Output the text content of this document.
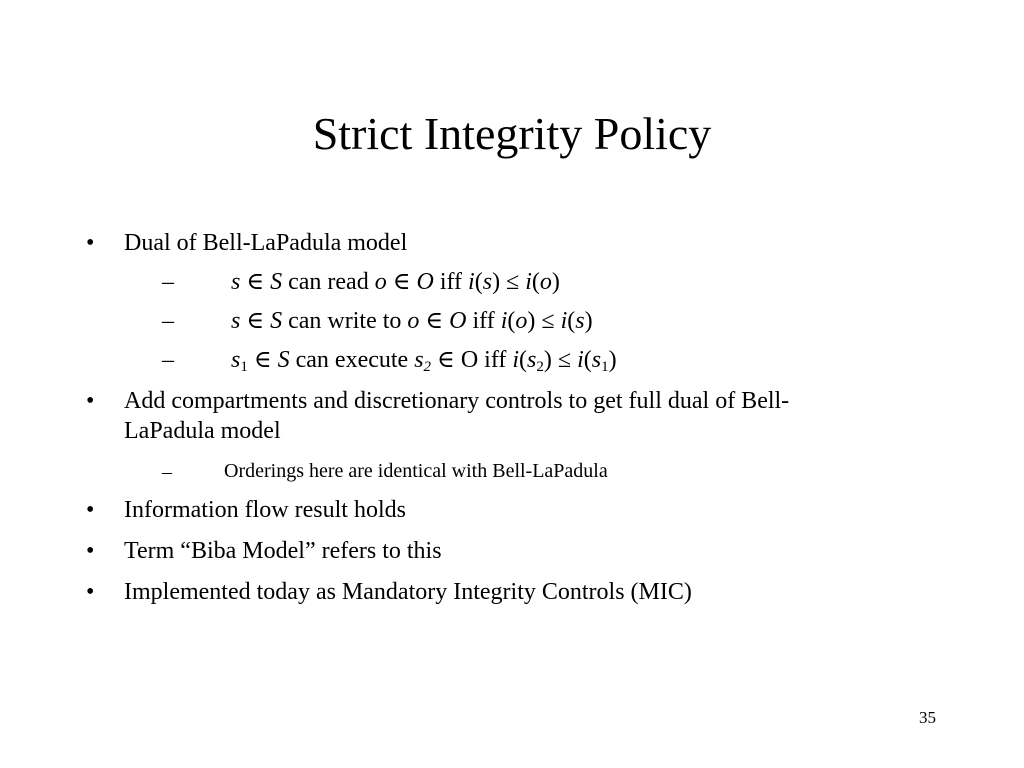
Strict Integrity Policy
• Dual of Bell-LaPadula model
– s ∈ S can read o ∈ O iff i(s) ≤ i(o)
– s ∈ S can write to o ∈ O iff i(o) ≤ i(s)
– $s_1$ ∈ S can execute $s_2$ ∈ O iff $i(s_2) \le i(s_1)$
• Add compartments and discretionary controls to get full dual of Bell-
LaPadula model
–	Orderings here are identical with Bell-LaPadula
• Information flow result holds
• Term “Biba Model” refers to this
• Implemented today as Mandatory Integrity Controls (MIC)
35
